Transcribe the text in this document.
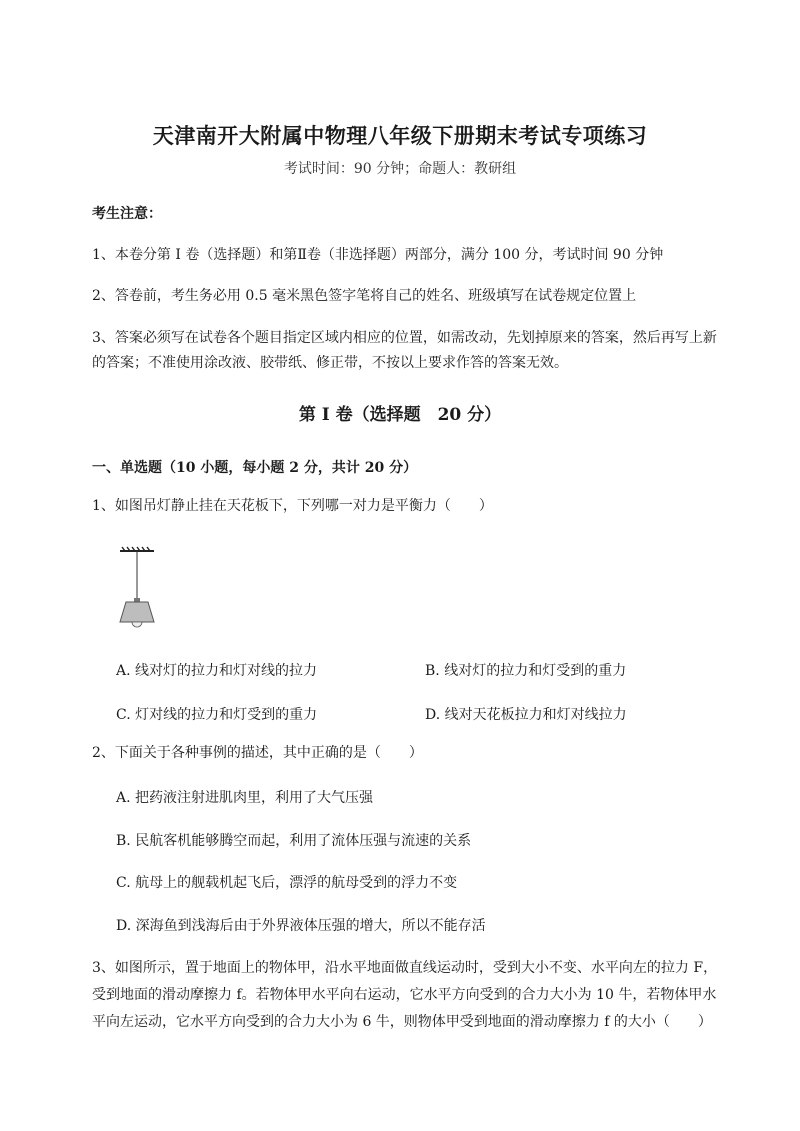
天津南开大附属中物理八年级下册期末考试专项练习
考试时间：90 分钟；命题人：教研组
考生注意：
1、本卷分第 I 卷（选择题）和第Ⅱ卷（非选择题）两部分，满分 100 分，考试时间 90 分钟
2、答卷前，考生务必用 0.5 毫米黑色签字笔将自己的姓名、班级填写在试卷规定位置上
3、答案必须写在试卷各个题目指定区域内相应的位置，如需改动，先划掉原来的答案，然后再写上新
的答案；不准使用涂改液、胶带纸、修正带，不按以上要求作答的答案无效。
第 I 卷（选择题　20 分）
一、单选题（10 小题，每小题 2 分，共计 20 分）
1、如图吊灯静止挂在天花板下，下列哪一对力是平衡力（　　）
A. 线对灯的拉力和灯对线的拉力	B. 线对灯的拉力和灯受到的重力
C. 灯对线的拉力和灯受到的重力	D. 线对天花板拉力和灯对线拉力
2、下面关于各种事例的描述，其中正确的是（　　）
A. 把药液注射进肌肉里，利用了大气压强
B. 民航客机能够腾空而起，利用了流体压强与流速的关系
C. 航母上的舰载机起飞后，漂浮的航母受到的浮力不变
D. 深海鱼到浅海后由于外界液体压强的增大，所以不能存活
3、如图所示，置于地面上的物体甲，沿水平地面做直线运动时，受到大小不变、水平向左的拉力 F，
受到地面的滑动摩擦力 f。若物体甲水平向右运动，它水平方向受到的合力大小为 10 牛，若物体甲水
平向左运动，它水平方向受到的合力大小为 6 牛，则物体甲受到地面的滑动摩擦力 f 的大小（　　）
